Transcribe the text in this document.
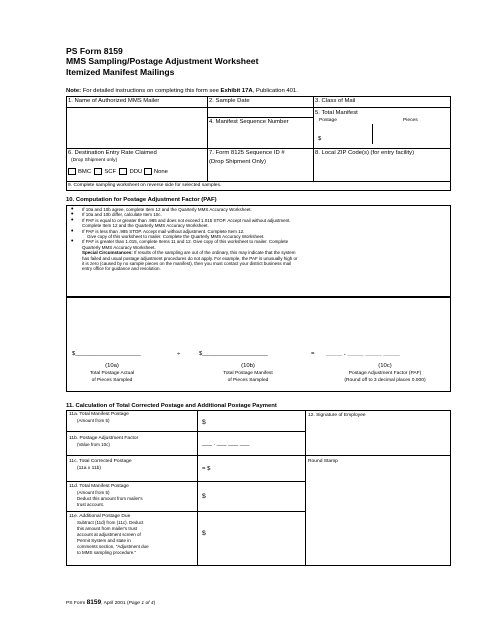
PS Form 8159
MMS Sampling/Postage Adjustment Worksheet
Itemized Manifest Mailings
Note: For detailed instructions on completing this form see Exhibit 17A, Publication 401.
1. Name of Authorized MMS Mailer	2. Sample Date	3. Class of Mail
4. Manifest Sequence Number
5. Total Manifest
Postage	Pieces
$
6. Destination Entry Rate Claimed
(Drop Shipment only)
BMC SCF DDU None
7. Form 8125 Sequence ID #
(Drop Shipment Only)
8. Local ZIP Code(s) (for entry facility)
9. Complete sampling worksheet on reverse side for selected samples.
10. Computation for Postage Adjustment Factor (PAF)
• If 10a and 10b agree, complete Item 12 and the Quarterly MMS Accuracy Worksheet.
• If 10a and 10b differ, calculate Item 10c.
• If PAF is equal to or greater than .985 and does not exceed 1.015 STOP. Accept mail without adjustment.
Complete Item 12 and the Quarterly MMS Accuracy Worksheet.
• If PAF is less than .985 STOP. Accept mail without adjustment. Complete Item 12.
Give copy of this worksheet to mailer. Complete the Quarterly MMS Accuracy Worksheet.
• If PAF is greater than 1.015, complete Items 11 and 12. Give copy of this worksheet to mailer. Complete
Quarterly MMS Accuracy Worksheet.
Special Circumstances: If results of the sampling are out of the ordinary, this may indicate that the system
has failed and usual postage adjustment procedures do not apply. For example, the PAF is unusually high or
it is zero (caused by no sample pieces on the manifest), then you must contact your district business mail
entry office for guidance and resolution.
$____________________	÷	$____________________	= _____ . _____ _____ _____
(10a)
Total Postage Actual
of Pieces Sampled
(10b)
Total Postage Manifest
of Pieces Sampled
(10c)
Postage Adjustment Factor (PAF)
(Round off to 3 decimal places 0.000)
11. Calculation of Total Corrected Postage and Additional Postage Payment
11a. Total Manifest Postage
(Amount from 5)	$
12. Signature of Employee
11b. Postage Adjustment Factor
(Value from 10c)	___ . ___ ___ ___
11c. Total Corrected Postage
(11a x 11b)	= $
Round Stamp
11d. Total Manifest Postage
(Amount from 5)
Deduct this amount from mailer's
trust account.
$
11e. Additional Postage Due
Subtract (11d) from (11c). Deduct
this amount from mailer's trust
account at adjustment screen of
Permit System and state in
comments section, "Adjustment due
to MMS sampling procedure."
$
PS Form 8159, April 2001 (Page 1 of 4)
